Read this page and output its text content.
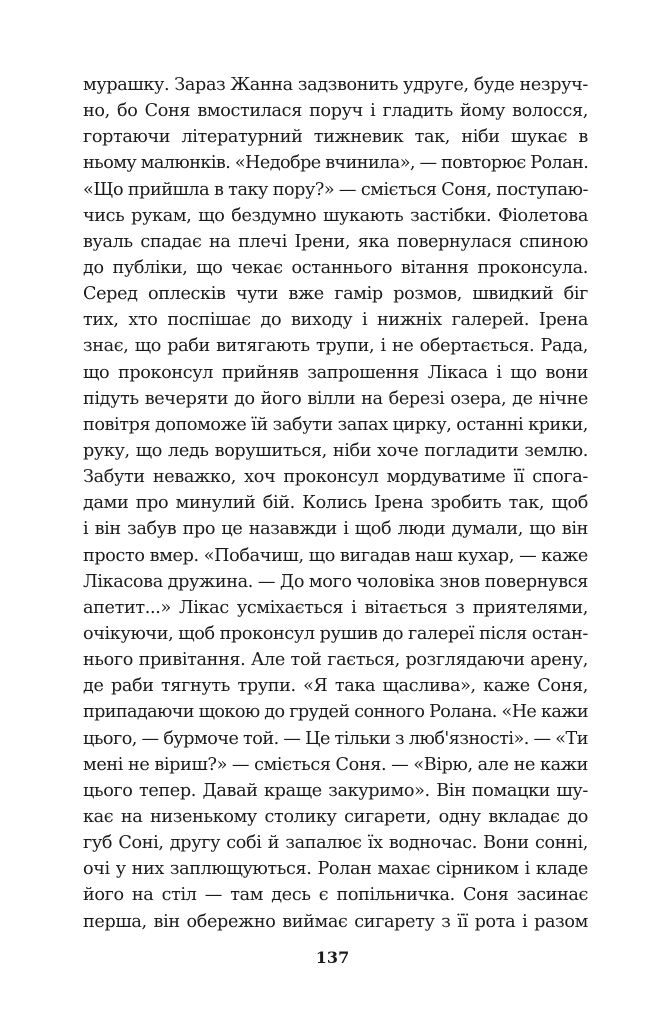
мурашку. Зараз Жанна задзвонить удруге, буде незруч-
но, бо Соня вмостилася поруч і гладить йому волосся,
гортаючи літературний тижневик так, ніби шукає в
ньому малюнків. «Недобре вчинила», — повторює Ролан.
«Що прийшла в таку пору?» — сміється Соня, поступаю-
чись рукам, що бездумно шукають застібки. Фіолетова
вуаль спадає на плечі Ірени, яка повернулася спиною
до публіки, що чекає останнього вітання проконсула.
Серед оплесків чути вже гамір розмов, швидкий біг
тих, хто поспішає до виходу і нижніх галерей. Ірена
знає, що раби витягають трупи, і не обертається. Рада,
що проконсул прийняв запрошення Лікаса і що вони
підуть вечеряти до його вілли на березі озера, де нічне
повітря допоможе їй забути запах цирку, останні крики,
руку, що ледь ворушиться, ніби хоче погладити землю.
Забути неважко, хоч проконсул мордуватиме її спога-
дами про минулий бій. Колись Ірена зробить так, щоб
і він забув про це назавжди і щоб люди думали, що він
просто вмер. «Побачиш, що вигадав наш кухар, — каже
Лікасова дружина. — До мого чоловіка знов повернувся
апетит...» Лікас усміхається і вітається з приятелями,
очікуючи, щоб проконсул рушив до галереї після остан-
нього привітання. Але той гається, розглядаючи арену,
де раби тягнуть трупи. «Я така щаслива», каже Соня,
припадаючи щокою до грудей сонного Ролана. «Не кажи
цього, — бурмоче той. — Це тільки з люб'язності». — «Ти
мені не віриш?» — сміється Соня. — «Вірю, але не кажи
цього тепер. Давай краще закуримо». Він помацки шу-
кає на низенькому столику сигарети, одну вкладає до
губ Соні, другу собі й запалює їх водночас. Вони сонні,
очі у них заплющуються. Ролан махає сірником і кладе
його на стіл — там десь є попільничка. Соня засинає
перша, він обережно виймає сигарету з її рота і разом
137
